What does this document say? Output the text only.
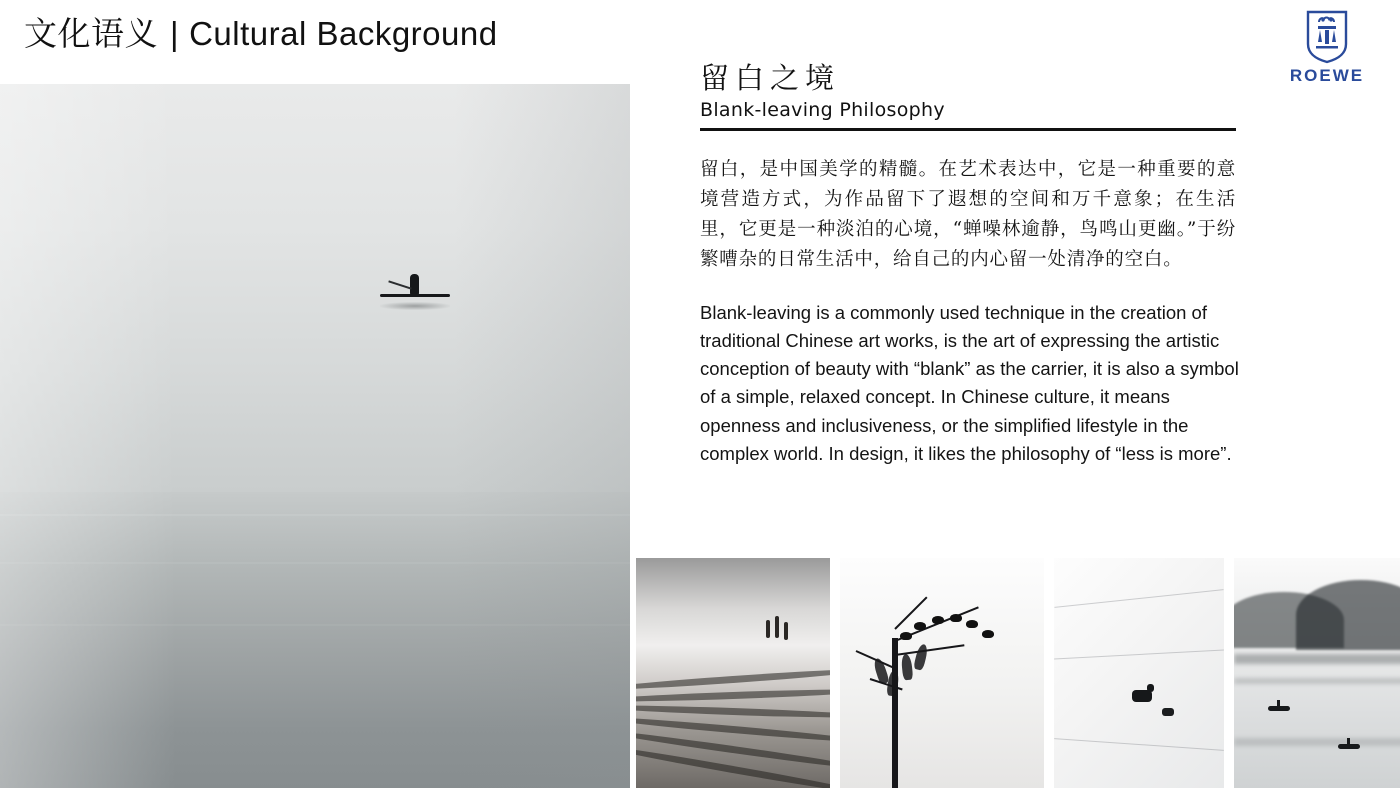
文化语义 | Cultural Background
ROEWE
留白之境
Blank-leaving Philosophy
留白，是中国美学的精髓。在艺术表达中，它是一种重要的意境营造方式，为作品留下了遐想的空间和万千意象；在生活里，它更是一种淡泊的心境，“蝉噪林逾静，鸟鸣山更幽。”于纷繁嘈杂的日常生活中，给自己的内心留一处清净的空白。
Blank-leaving is a commonly used technique in the creation of traditional Chinese art works, is the art of expressing the artistic conception of beauty with “blank” as the carrier, it is also a symbol of a simple, relaxed concept. In Chinese culture, it means openness and inclusiveness, or the simplified lifestyle in the complex world. In design, it likes the philosophy of “less is more”.
